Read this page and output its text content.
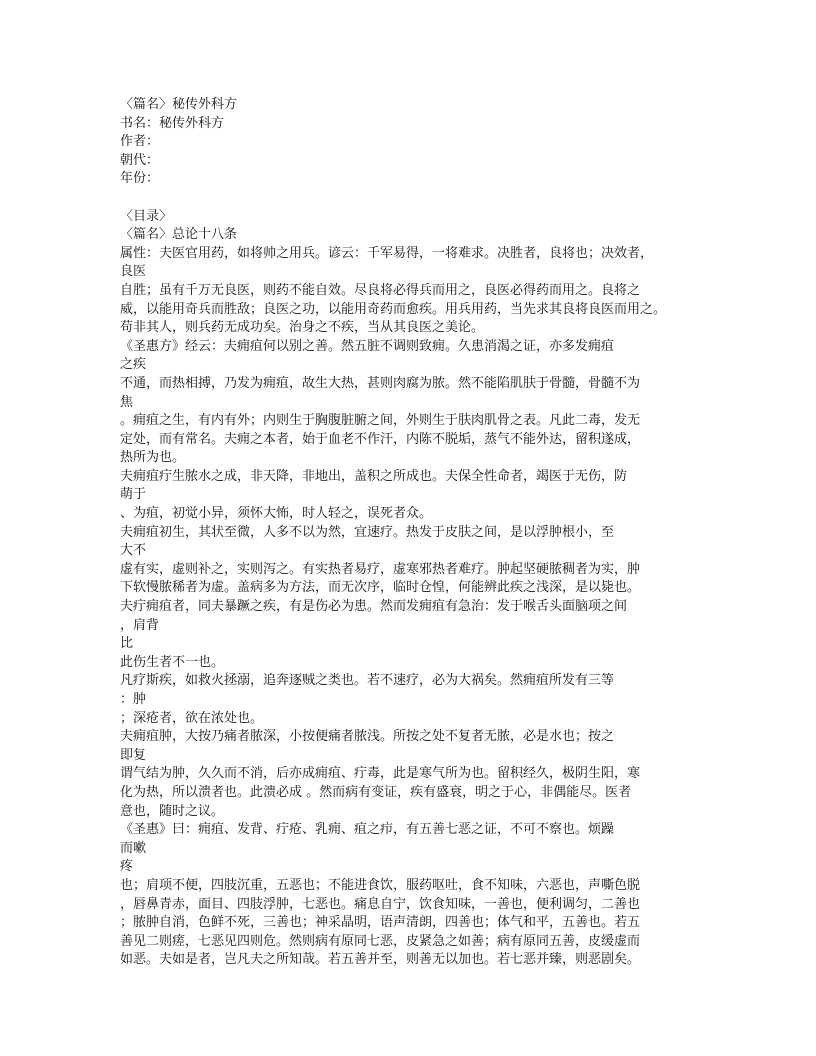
〈篇名〉秘传外科方
书名：秘传外科方
作者：
朝代：
年份：
〈目录〉
〈篇名〉总论十八条
属性：夫医官用药，如将帅之用兵。谚云：千军易得，一将难求。决胜者，良将也；决效者，
良医
自胜；虽有千万无良医，则药不能自效。尽良将必得兵而用之，良医必得药而用之。良将之
威，以能用奇兵而胜敌；良医之功，以能用奇药而愈疾。用兵用药，当先求其良将良医而用之。
苟非其人，则兵药无成功矣。治身之不疾，当从其良医之美论。
《圣惠方》经云：夫痈疽何以别之善。然五脏不调则致痈。久患消渴之证，亦多发痈疽
之疾
不通，而热相搏，乃发为痈疽，故生大热，甚则肉腐为脓。然不能陷肌肤于骨髓，骨髓不为
焦
。痈疽之生，有内有外；内则生于胸腹脏腑之间，外则生于肤肉肌骨之表。凡此二毒，发无
定处，而有常名。夫痈之本者，始于血老不作汗，内陈不脱垢，蒸气不能外达，留积遂成，
热所为也。
夫痈疽疔生脓水之成，非天降，非地出，盖积之所成也。夫保全性命者，竭医于无伤，防
萌于
、为疽，初觉小异，须怀大怖，时人轻之，误死者众。
夫痈疽初生，其状至微，人多不以为然，宜速疗。热发于皮肤之间，是以浮肿根小，至
大不
虚有实，虚则补之，实则泻之。有实热者易疗，虚寒邪热者难疗。肿起坚硬脓稠者为实，肿
下软慢脓稀者为虚。盖病多为方法，而无次序，临时仓惶，何能辨此疾之浅深，是以毙也。
夫疔痈疽者，同夫暴蹶之疾，有是伤必为患。然而发痈疽有急治：发于喉舌头面脑项之间
，肩背
比
此伤生者不一也。
凡疗斯疾，如救火拯溺，追奔逐贼之类也。若不速疗，必为大祸矣。然痈疽所发有三等
：肿
；深疮者，欲在浓处也。
夫痈疽肿，大按乃痛者脓深，小按便痛者脓浅。所按之处不复者无脓，必是水也；按之
即复
谓气结为肿，久久而不消，后亦成痈疽、疔毒，此是寒气所为也。留积经久，极阴生阳，寒
化为热，所以溃者也。此溃必成 。然而病有变证，疾有盛衰，明之于心，非偶能尽。医者
意也，随时之议。
《圣惠》曰：痈疽、发背、疔疮、乳痈、疽之疖，有五善七恶之证，不可不察也。烦躁
而嗽
疼
也；肩项不便，四肢沉重，五恶也；不能进食饮，服药呕吐，食不知味，六恶也，声嘶色脱
，唇鼻青赤，面目、四肢浮肿，七恶也。痛息自宁，饮食知味，一善也，便利调匀，二善也
；脓肿自消，色鲜不死，三善也；神采晶明，语声清朗，四善也；体气和平，五善也。若五
善见二则瘥，七恶见四则危。然则病有原同七恶，皮紧急之如善；病有原同五善，皮缓虚而
如恶。夫如是者，岂凡夫之所知哉。若五善并至，则善无以加也。若七恶并臻，则恶剧矣。
